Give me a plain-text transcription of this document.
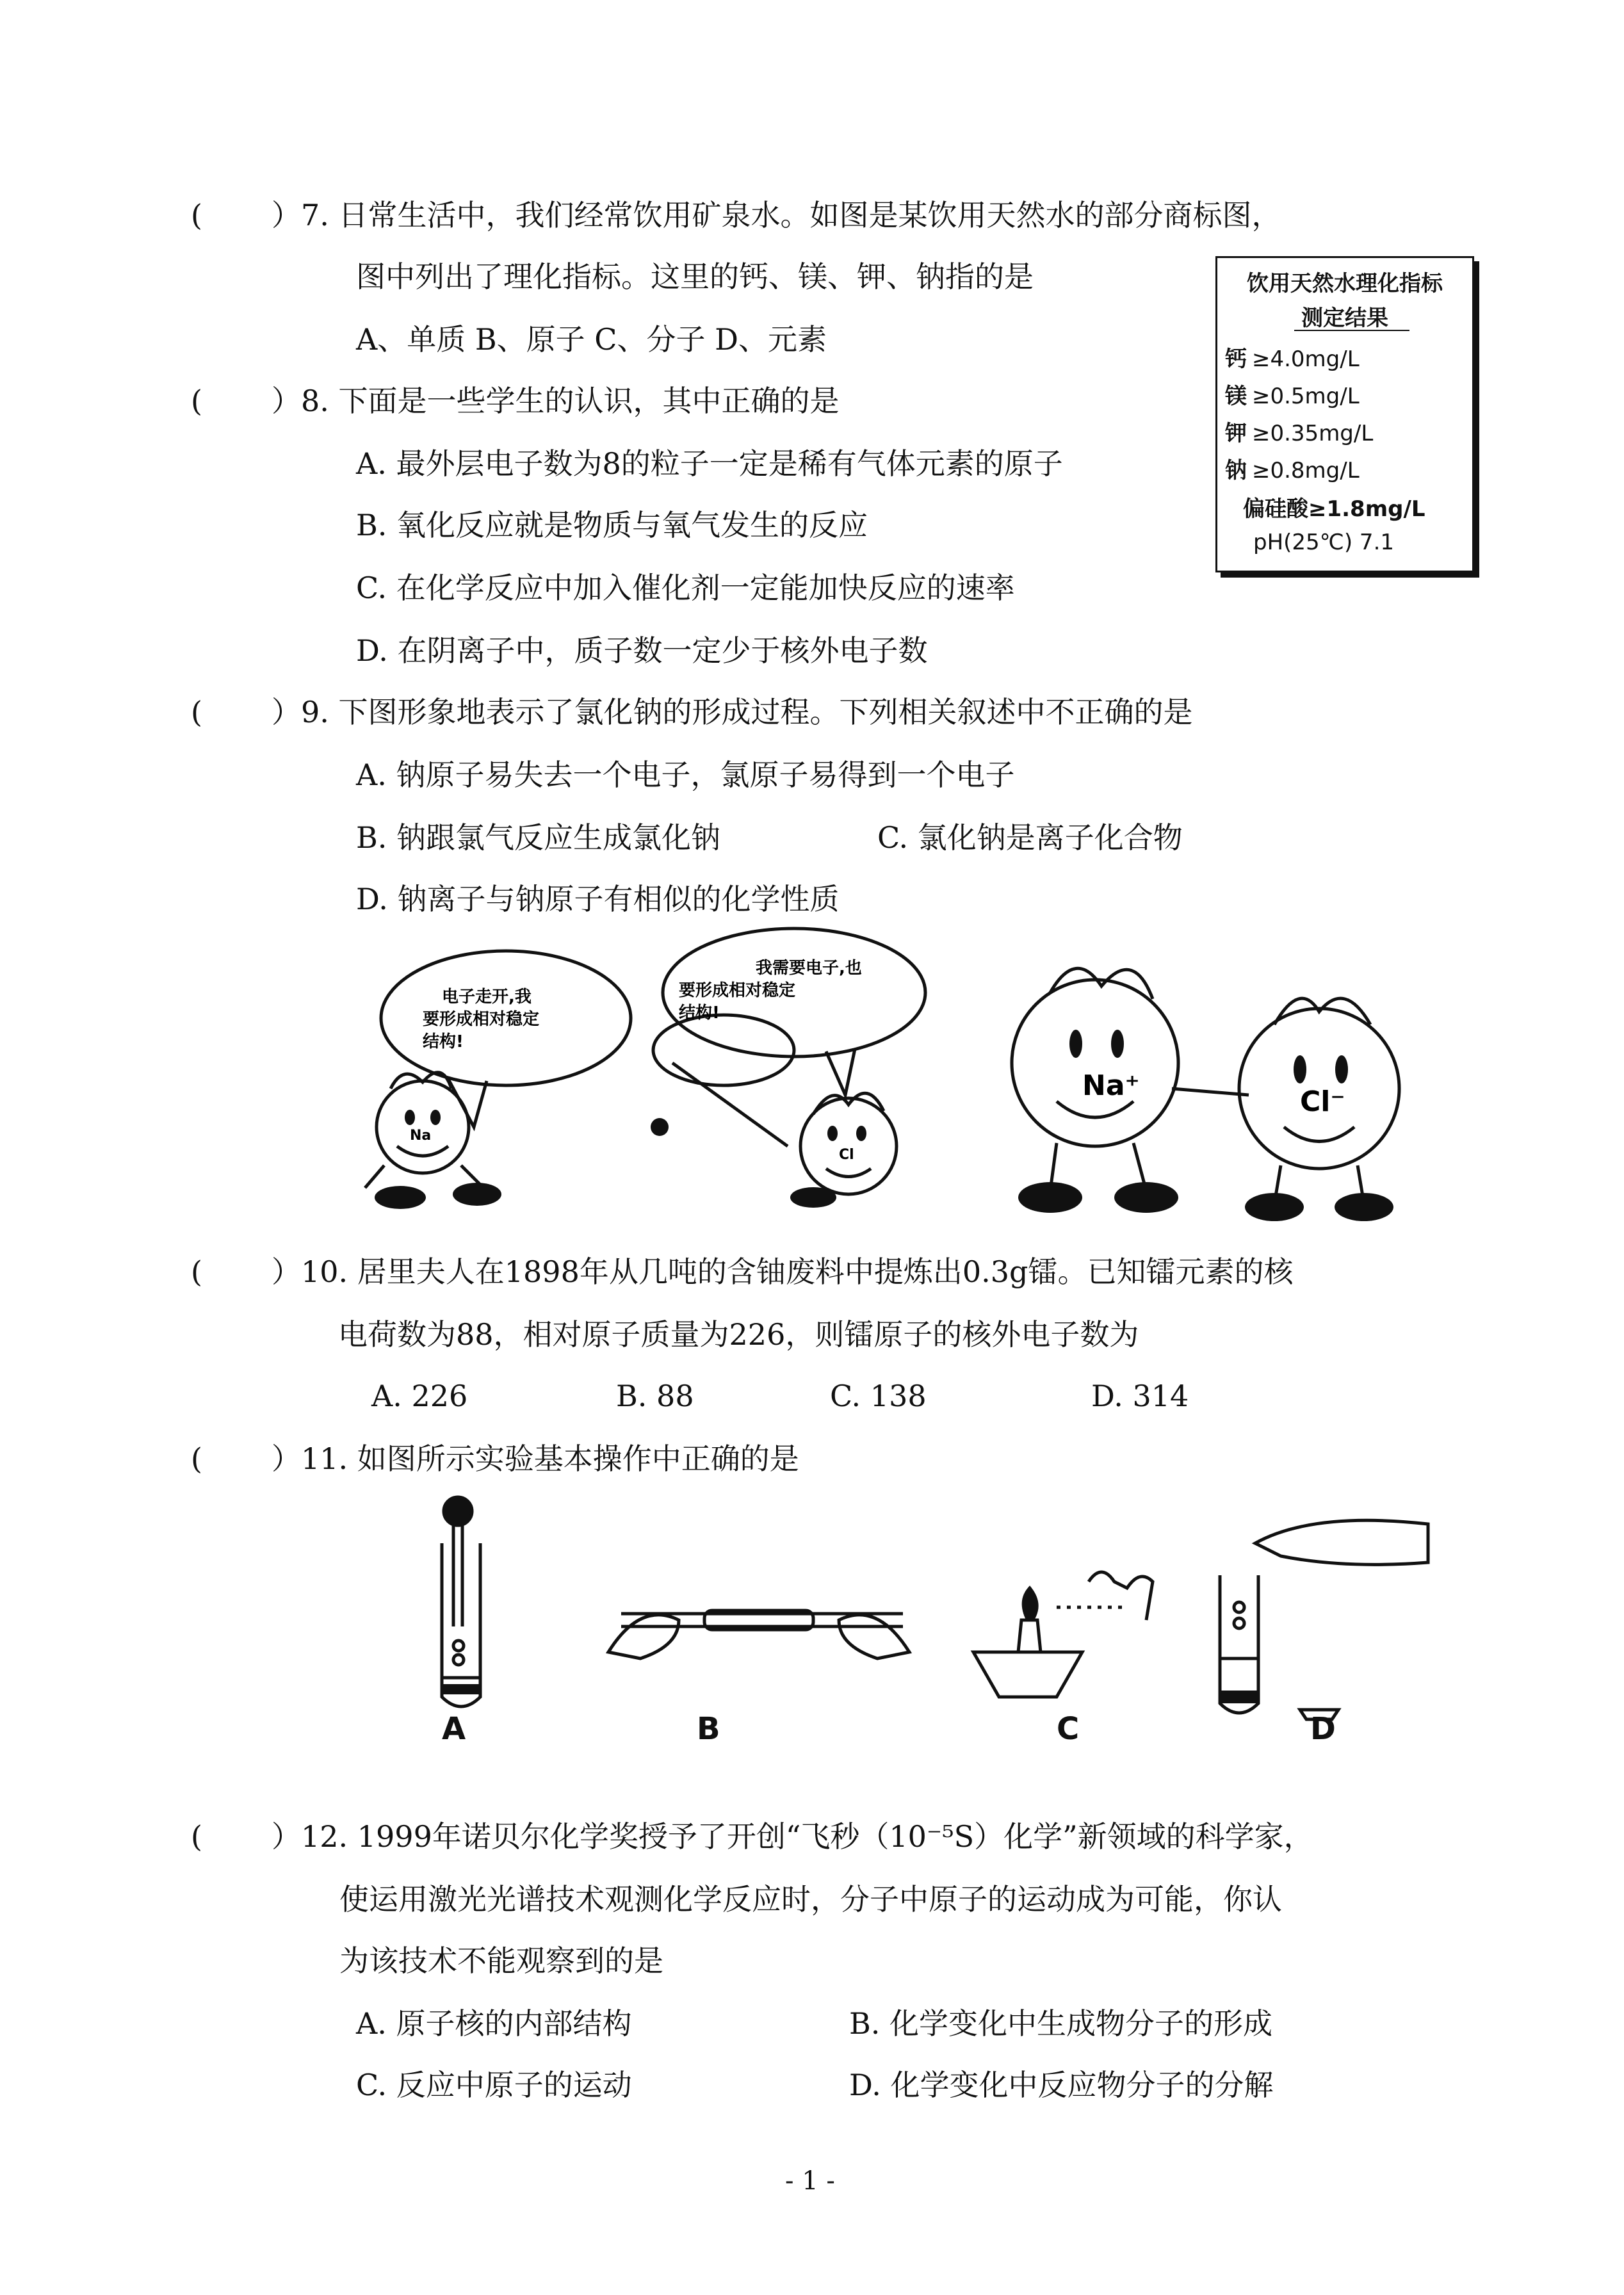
( ）7. 日常生活中，我们经常饮用矿泉水。如图是某饮用天然水的部分商标图，
图中列出了理化指标。这里的钙、镁、钾、钠指的是
A、单质 B、原子 C、分子 D、元素
饮用天然水理化指标
测定结果
钙 ≥4.0mg/L
镁 ≥0.5mg/L
钾 ≥0.35mg/L
钠 ≥0.8mg/L
偏硅酸≥1.8mg/L
pH(25℃) 7.1
( ）8. 下面是一些学生的认识，其中正确的是
A. 最外层电子数为8的粒子一定是稀有气体元素的原子
B. 氧化反应就是物质与氧气发生的反应
C. 在化学反应中加入催化剂一定能加快反应的速率
D. 在阴离子中，质子数一定少于核外电子数
( ）9. 下图形象地表示了氯化钠的形成过程。下列相关叙述中不正确的是
A. 钠原子易失去一个电子，氯原子易得到一个电子
B. 钠跟氯气反应生成氯化钠	C. 氯化钠是离子化合物
D. 钠离子与钠原子有相似的化学性质
电子走开,我
要形成相对稳定
结构!
我需要电子,也
要形成相对稳定
结构!
Na
Cl
Na⁺	Cl⁻
( ）10. 居里夫人在1898年从几吨的含铀废料中提炼出0.3g镭。已知镭元素的核
电荷数为88，相对原子质量为226，则镭原子的核外电子数为
A. 226	B. 88	C. 138	D. 314
( ）11. 如图所示实验基本操作中正确的是
A	B	C	D
( ）12. 1999年诺贝尔化学奖授予了开创“飞秒（10⁻⁵S）化学”新领域的科学家，
使运用激光光谱技术观测化学反应时，分子中原子的运动成为可能，你认
为该技术不能观察到的是
A. 原子核的内部结构	B. 化学变化中生成物分子的形成
C. 反应中原子的运动	D. 化学变化中反应物分子的分解
- 1 -
